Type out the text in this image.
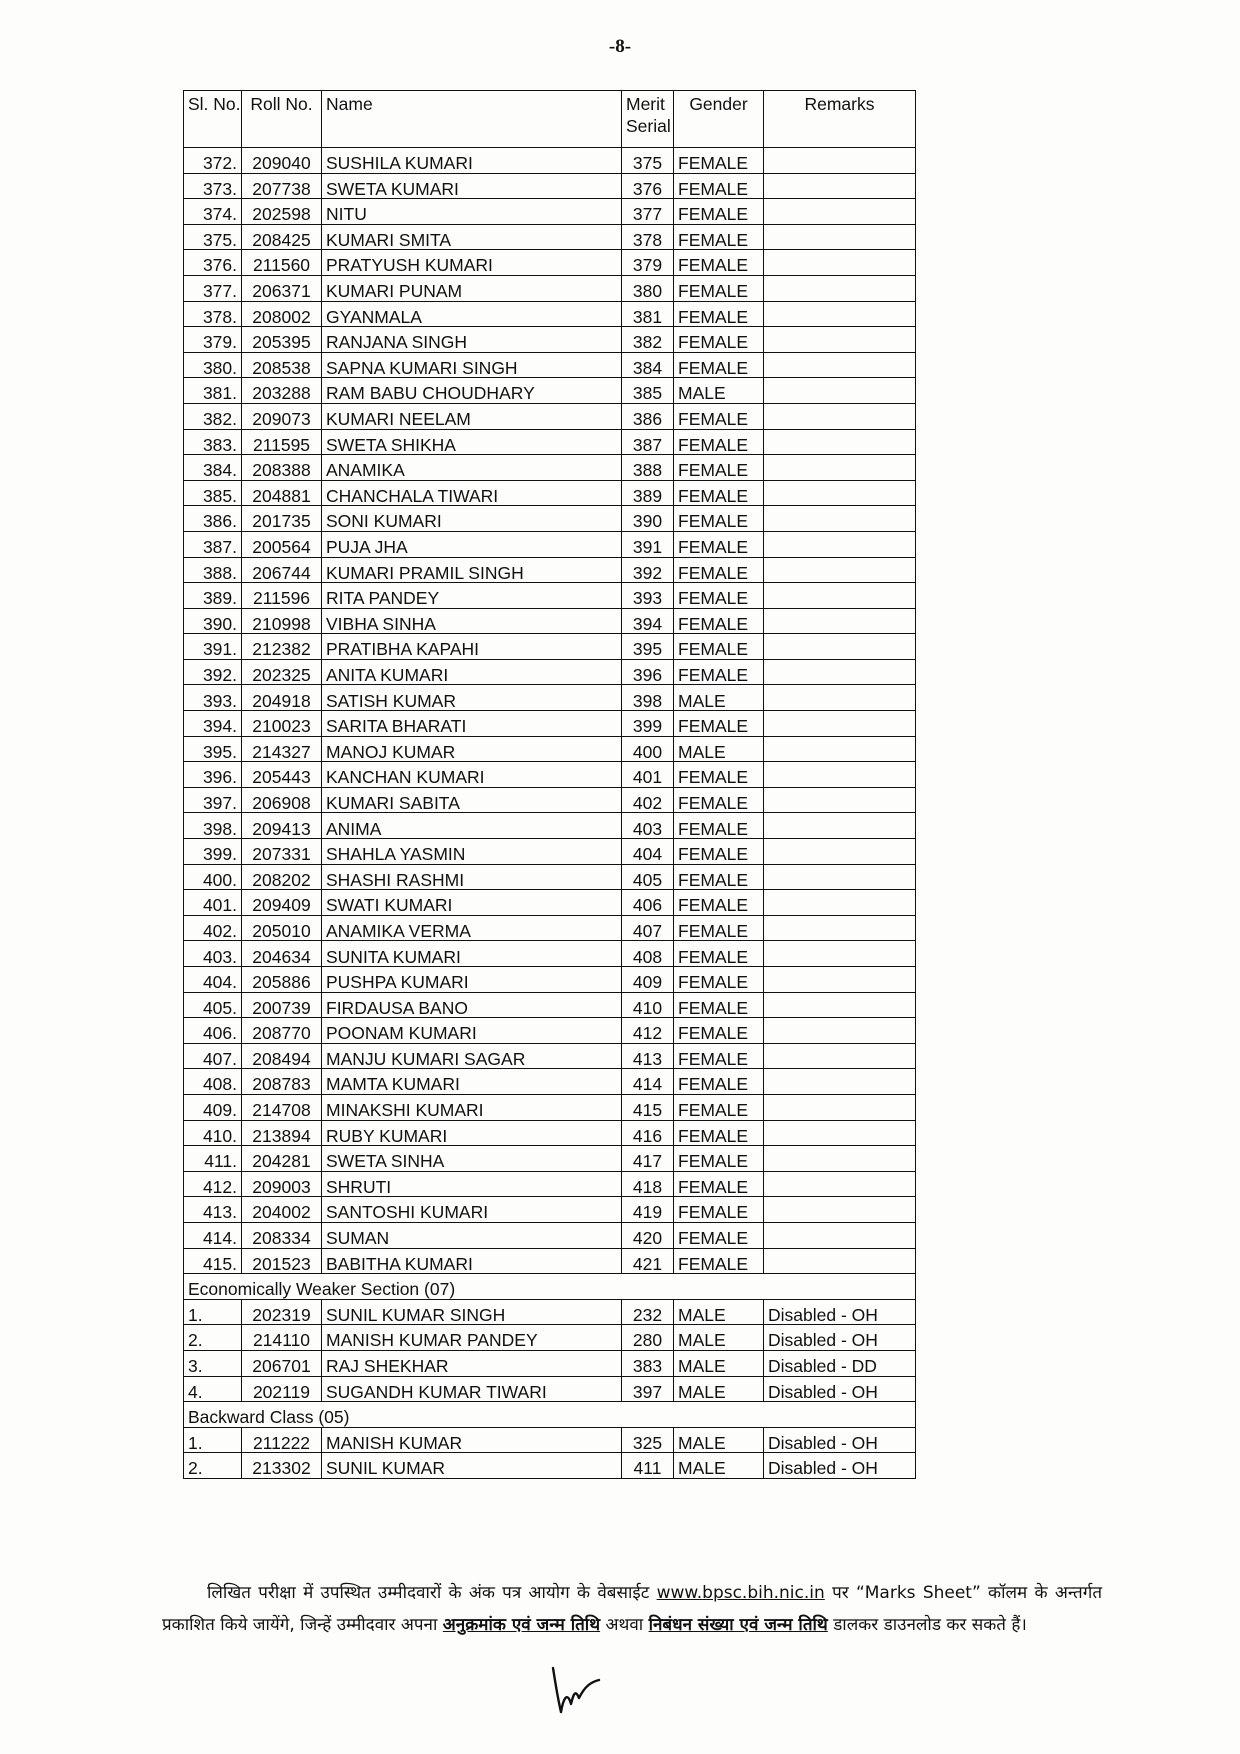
-8-
Sl. No.	Roll No.	Name	Merit Serial	Gender	Remarks
372.	209040	SUSHILA KUMARI	375	FEMALE	
373.	207738	SWETA KUMARI	376	FEMALE	
374.	202598	NITU	377	FEMALE	
375.	208425	KUMARI SMITA	378	FEMALE	
376.	211560	PRATYUSH KUMARI	379	FEMALE	
377.	206371	KUMARI PUNAM	380	FEMALE	
378.	208002	GYANMALA	381	FEMALE	
379.	205395	RANJANA SINGH	382	FEMALE	
380.	208538	SAPNA KUMARI SINGH	384	FEMALE	
381.	203288	RAM BABU CHOUDHARY	385	MALE	
382.	209073	KUMARI NEELAM	386	FEMALE	
383.	211595	SWETA SHIKHA	387	FEMALE	
384.	208388	ANAMIKA	388	FEMALE	
385.	204881	CHANCHALA TIWARI	389	FEMALE	
386.	201735	SONI KUMARI	390	FEMALE	
387.	200564	PUJA JHA	391	FEMALE	
388.	206744	KUMARI PRAMIL SINGH	392	FEMALE	
389.	211596	RITA PANDEY	393	FEMALE	
390.	210998	VIBHA SINHA	394	FEMALE	
391.	212382	PRATIBHA KAPAHI	395	FEMALE	
392.	202325	ANITA KUMARI	396	FEMALE	
393.	204918	SATISH KUMAR	398	MALE	
394.	210023	SARITA BHARATI	399	FEMALE	
395.	214327	MANOJ KUMAR	400	MALE	
396.	205443	KANCHAN KUMARI	401	FEMALE	
397.	206908	KUMARI SABITA	402	FEMALE	
398.	209413	ANIMA	403	FEMALE	
399.	207331	SHAHLA YASMIN	404	FEMALE	
400.	208202	SHASHI RASHMI	405	FEMALE	
401.	209409	SWATI KUMARI	406	FEMALE	
402.	205010	ANAMIKA VERMA	407	FEMALE	
403.	204634	SUNITA KUMARI	408	FEMALE	
404.	205886	PUSHPA KUMARI	409	FEMALE	
405.	200739	FIRDAUSA BANO	410	FEMALE	
406.	208770	POONAM KUMARI	412	FEMALE	
407.	208494	MANJU KUMARI SAGAR	413	FEMALE	
408.	208783	MAMTA KUMARI	414	FEMALE	
409.	214708	MINAKSHI KUMARI	415	FEMALE	
410.	213894	RUBY KUMARI	416	FEMALE	
411.	204281	SWETA SINHA	417	FEMALE	
412.	209003	SHRUTI	418	FEMALE	
413.	204002	SANTOSHI KUMARI	419	FEMALE	
414.	208334	SUMAN	420	FEMALE	
415.	201523	BABITHA KUMARI	421	FEMALE	
Economically Weaker Section (07)					
1.	202319	SUNIL KUMAR SINGH	232	MALE	Disabled - OH
2.	214110	MANISH KUMAR PANDEY	280	MALE	Disabled - OH
3.	206701	RAJ SHEKHAR	383	MALE	Disabled - DD
4.	202119	SUGANDH KUMAR TIWARI	397	MALE	Disabled - OH
Backward Class (05)					
1.	211222	MANISH KUMAR	325	MALE	Disabled - OH
2.	213302	SUNIL KUMAR	411	MALE	Disabled - OH

लिखित परीक्षा में उपस्थित उम्मीदवारों के अंक पत्र आयोग के वेबसाईट www.bpsc.bih.nic.in पर “Marks Sheet” कॉलम के अन्तर्गत प्रकाशित किये जायेंगे, जिन्हें उम्मीदवार अपना अनुक्रमांक एवं जन्म तिथि अथवा निबंधन संख्या एवं जन्म तिथि डालकर डाउनलोड कर सकते हैं।
